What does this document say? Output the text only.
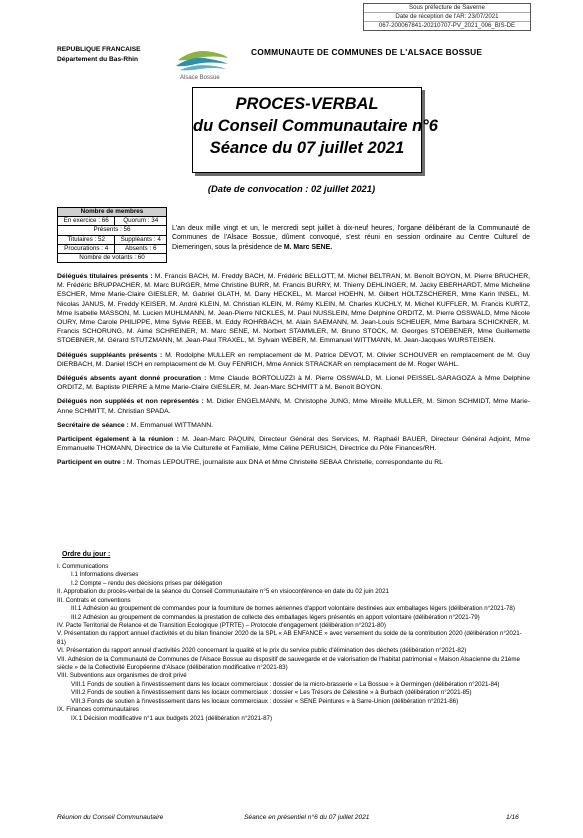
Sous préfecture de Saverne
Date de réception de l'AR: 23/07/2021
067-200067841-20210707-PV_2021_006_BIS-DE
REPUBLIQUE FRANCAISE
Département du Bas-Rhin
Alsace Bossue
COMMUNAUTE DE COMMUNES DE L'ALSACE BOSSUE
PROCES-VERBAL
du Conseil Communautaire n°6
Séance du 07 juillet 2021
(Date de convocation : 02 juillet 2021)
Nombre de membres	
En exercice : 66	Quorum : 34
Présents : 56	
Titulaires : 52	Suppléants : 4
Procurations : 4	Absents : 6
Nombre de votants : 60	
L'an deux mille vingt et un, le mercredi sept juillet à dix-neuf heures, l'organe délibérant de la Communauté de Communes de l'Alsace Bossue, dûment convoqué, s'est réuni en session ordinaire au Centre Culturel de Diemeringen, sous la présidence de M. Marc SENE.

Délégués titulaires présents : M. Francis BACH, M. Freddy BACH, M. Frédéric BELLOTT, M. Michel BELTRAN, M. Benoît BOYON, M. Pierre BRUCHER, M. Frédéric BRUPPACHER, M. Marc BURGER, Mme Christine BURR, M. Francis BURRY, M. Thierry DEHLINGER, M. Jacky EBERHARDT, Mme Micheline ESCHER, Mme Marie-Claire GIESLER, M. Gabriel GLATH, M. Dany HECKEL, M. Marcel HOEHN, M. Gilbert HOLTZSCHERER, Mme Karin INSEL, M. Nicolas JANUS, M. Freddy KEISER, M. André KLEIN, M. Christian KLEIN, M. Rémy KLEIN, M. Charles KUCHLY, M. Michel KUFFLER, M. Francis KURTZ, Mme Isabelle MASSON, M. Lucien MUHLMANN, M. Jean-Pierre NICKLES, M. Paul NUSSLEIN, Mme Delphine ORDITZ, M. Pierre OSSWALD, Mme Nicole OURY, Mme Carole PHILIPPE, Mme Sylvie REEB, M. Eddy ROHRBACH, M. Alain SAEMANN, M. Jean-Louis SCHEUER, Mme Barbara SCHICKNER, M. Francis SCHORUNG, M. Aimé SCHREINER, M. Marc SENE, M. Norbert STAMMLER, M. Bruno STOCK, M. Georges STOEBENER, Mme Guillemette STOEBNER, M. Gérard STUTZMANN, M. Jean-Paul TRAXEL, M. Sylvain WEBER, M. Emmanuel WITTMANN, M. Jean-Jacques WURSTEISEN.

Délégués suppléants présents : M. Rodolphe MULLER en remplacement de M. Patrice DEVOT, M. Olivier SCHOUVER en remplacement de M. Guy DIERBACH, M. Daniel ISCH en remplacement de M. Guy FENRICH, Mme Annick STRACKAR en remplacement de M. Roger WAHL.

Délégués absents ayant donné procuration : Mme Claude BORTOLUZZI à M. Pierre OSSWALD, M. Lionel PEISSEL-SARAGOZA à Mme Delphine ORDITZ, M. Baptiste PIERRE à Mme Marie-Claire GIESLER, M. Jean-Marc SCHMITT à M. Benoît BOYON.

Délégués non suppléés et non représentés : M. Didier ENGELMANN, M. Christophe JUNG, Mme Mireille MULLER, M. Simon SCHMIDT, Mme Marie-Anne SCHMITT, M. Christian SPADA.

Secrétaire de séance : M. Emmanuel WITTMANN.

Participent également à la réunion : M. Jean-Marc PAQUIN, Directeur Général des Services, M. Raphaël BAUER, Directeur Général Adjoint, Mme Emmanuelle THOMANN, Directrice de la Vie Culturelle et Familiale, Mme Céline PERUSICH, Directrice du Pôle Finances/RH.

Participent en outre : M. Thomas LEPOUTRE, journaliste aux DNA et Mme Christelle SEBAA Christelle, correspondante du RL

Ordre du jour :
I. Communications
I.1 Informations diverses
I.2 Compte – rendu des décisions prises par délégation
II. Approbation du procès-verbal de la séance du Conseil Communautaire n°5 en visioconférence en date du 02 juin 2021
III. Contrats et conventions
III.1 Adhésion au groupement de commandes pour la fourniture de bornes aériennes d'apport volontaire destinées aux emballages légers (délibération n°2021-78)
III.2 Adhésion au groupement de commandes la prestation de collecte des emballages légers présentés en apport volontaire (délibération n°2021-79)
IV. Pacte Territorial de Relance et de Transition Ecologique (PTRTE) – Protocole d'engagement (délibération n°2021-80)
V. Présentation du rapport annuel d'activités et du bilan financier 2020 de la SPL « AB ENFANCE » avec versement du solde de la contribution 2020 (délibération n°2021-81)
VI. Présentation du rapport annuel d'activités 2020 concernant la qualité et le prix du service public d'élimination des déchets (délibération n°2021-82)
VII. Adhésion de la Communauté de Communes de l'Alsace Bossue au dispositif de sauvegarde et de valorisation de l'habitat patrimonial « Maison Alsacienne du 21ème siècle » de la Collectivité Européenne d'Alsace (délibération modificative n°2021-83)
VIII. Subventions aux organismes de droit privé
VIII.1 Fonds de soutien à l'investissement dans les locaux commerciaux : dossier de la micro-brasserie « La Bossue » à Oermingen (délibération n°2021-84)
VIII.2 Fonds de soutien à l'investissement dans les locaux commerciaux : dossier « Les Trésors de Célestine » à Burbach (délibération n°2021-85)
VIII.3 Fonds de soutien à l'investissement dans les locaux commerciaux : dossier « SENE Peintures » à Sarre-Union (délibération n°2021-86)
IX. Finances communautaires
IX.1 Décision modificative n°1 aux budgets 2021 (délibération n°2021-87)
Réunion du Conseil Communautaire	Séance en présentiel n°6 du 07 juillet 2021	1/16
